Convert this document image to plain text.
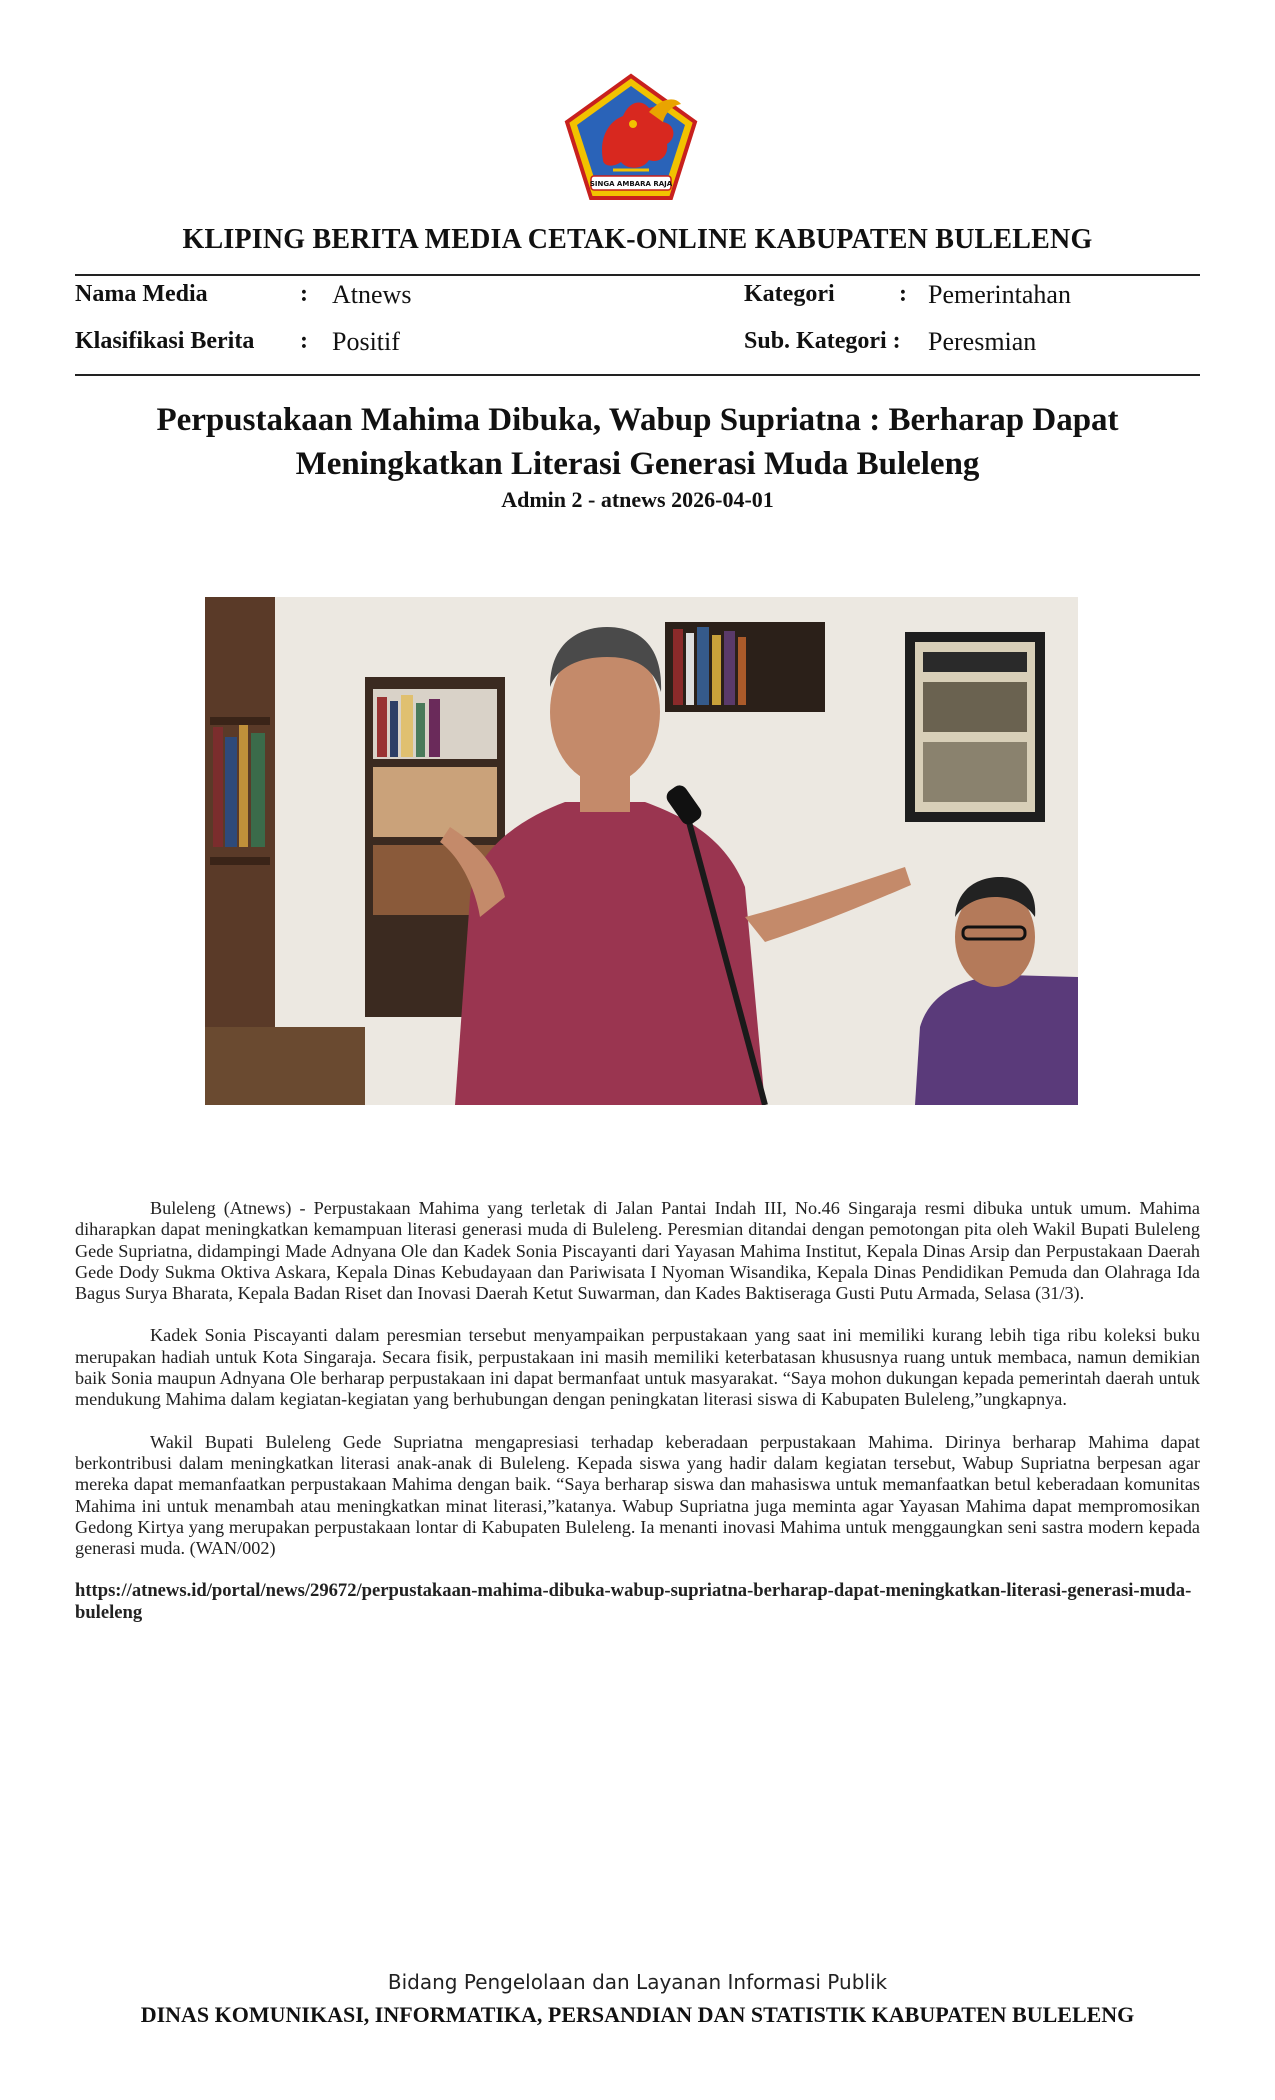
SINGA AMBARA RAJA
KLIPING BERITA MEDIA CETAK-ONLINE KABUPATEN BULELENG
Nama Media	: Atnews	Kategori	: Pemerintahan
Klasifikasi Berita : Positif	Sub. Kategori : Peresmian
Perpustakaan Mahima Dibuka, Wabup Supriatna : Berharap Dapat Meningkatkan Literasi Generasi Muda Buleleng
Admin 2 - atnews 2026-04-01

Buleleng (Atnews) - Perpustakaan Mahima yang terletak di Jalan Pantai Indah III, No.46 Singaraja resmi dibuka untuk umum. Mahima diharapkan dapat meningkatkan kemampuan literasi generasi muda di Buleleng. Peresmian ditandai dengan pemotongan pita oleh Wakil Bupati Buleleng Gede Supriatna, didampingi Made Adnyana Ole dan Kadek Sonia Piscayanti dari Yayasan Mahima Institut, Kepala Dinas Arsip dan Perpustakaan Daerah Gede Dody Sukma Oktiva Askara, Kepala Dinas Kebudayaan dan Pariwisata I Nyoman Wisandika, Kepala Dinas Pendidikan Pemuda dan Olahraga Ida Bagus Surya Bharata, Kepala Badan Riset dan Inovasi Daerah Ketut Suwarman, dan Kades Baktiseraga Gusti Putu Armada, Selasa (31/3).

Kadek Sonia Piscayanti dalam peresmian tersebut menyampaikan perpustakaan yang saat ini memiliki kurang lebih tiga ribu koleksi buku merupakan hadiah untuk Kota Singaraja. Secara fisik, perpustakaan ini masih memiliki keterbatasan khususnya ruang untuk membaca, namun demikian baik Sonia maupun Adnyana Ole berharap perpustakaan ini dapat bermanfaat untuk masyarakat. “Saya mohon dukungan kepada pemerintah daerah untuk mendukung Mahima dalam kegiatan-kegiatan yang berhubungan dengan peningkatan literasi siswa di Kabupaten Buleleng,”ungkapnya.

Wakil Bupati Buleleng Gede Supriatna mengapresiasi terhadap keberadaan perpustakaan Mahima. Dirinya berharap Mahima dapat berkontribusi dalam meningkatkan literasi anak-anak di Buleleng. Kepada siswa yang hadir dalam kegiatan tersebut, Wabup Supriatna berpesan agar mereka dapat memanfaatkan perpustakaan Mahima dengan baik. “Saya berharap siswa dan mahasiswa untuk memanfaatkan betul keberadaan komunitas Mahima ini untuk menambah atau meningkatkan minat literasi,”katanya. Wabup Supriatna juga meminta agar Yayasan Mahima dapat mempromosikan Gedong Kirtya yang merupakan perpustakaan lontar di Kabupaten Buleleng. Ia menanti inovasi Mahima untuk menggaungkan seni sastra modern kepada generasi muda. (WAN/002)

https://atnews.id/portal/news/29672/perpustakaan-mahima-dibuka-wabup-supriatna-berharap-dapat-meningkatkan-literasi-generasi-muda-buleleng

Bidang Pengelolaan dan Layanan Informasi Publik
DINAS KOMUNIKASI, INFORMATIKA, PERSANDIAN DAN STATISTIK KABUPATEN BULELENG
